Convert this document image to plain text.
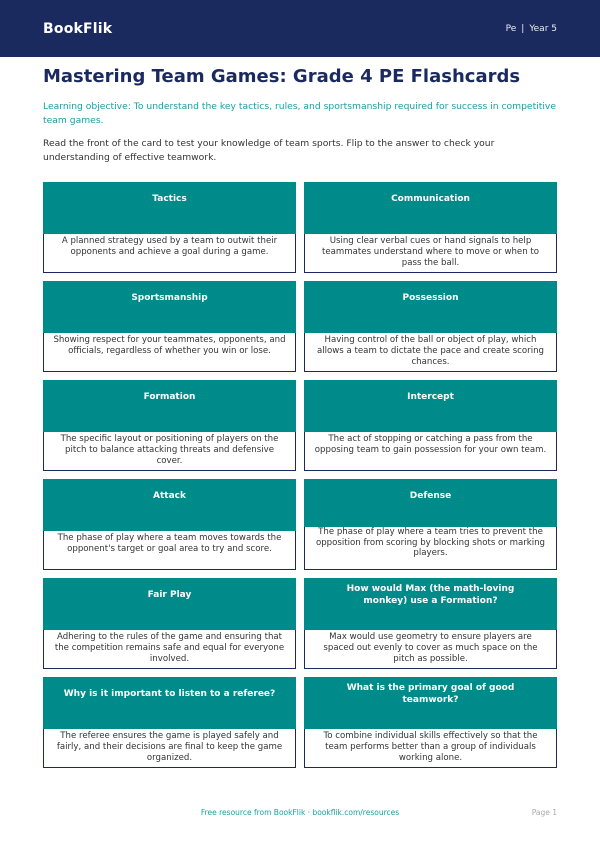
BookFlik	Pe | Year 5
Mastering Team Games: Grade 4 PE Flashcards

Learning objective: To understand the key tactics, rules, and sportsmanship required for success in competitive team games.

Read the front of the card to test your knowledge of team sports. Flip to the answer to check your understanding of effective teamwork.

Tactics
A planned strategy used by a team to outwit their opponents and achieve a goal during a game.
Communication
Using clear verbal cues or hand signals to help teammates understand where to move or when to pass the ball.
Sportsmanship
Showing respect for your teammates, opponents, and officials, regardless of whether you win or lose.
Possession
Having control of the ball or object of play, which allows a team to dictate the pace and create scoring chances.
Formation
The specific layout or positioning of players on the pitch to balance attacking threats and defensive cover.
Intercept
The act of stopping or catching a pass from the opposing team to gain possession for your own team.
Attack
The phase of play where a team moves towards the opponent's target or goal area to try and score.
Defense
The phase of play where a team tries to prevent the opposition from scoring by blocking shots or marking players.
Fair Play
Adhering to the rules of the game and ensuring that the competition remains safe and equal for everyone involved.
How would Max (the math-loving monkey) use a Formation?
Max would use geometry to ensure players are spaced out evenly to cover as much space on the pitch as possible.
Why is it important to listen to a referee?
The referee ensures the game is played safely and fairly, and their decisions are final to keep the game organized.
What is the primary goal of good teamwork?
To combine individual skills effectively so that the team performs better than a group of individuals working alone.
Free resource from BookFlik · bookflik.com/resources	Page 1
